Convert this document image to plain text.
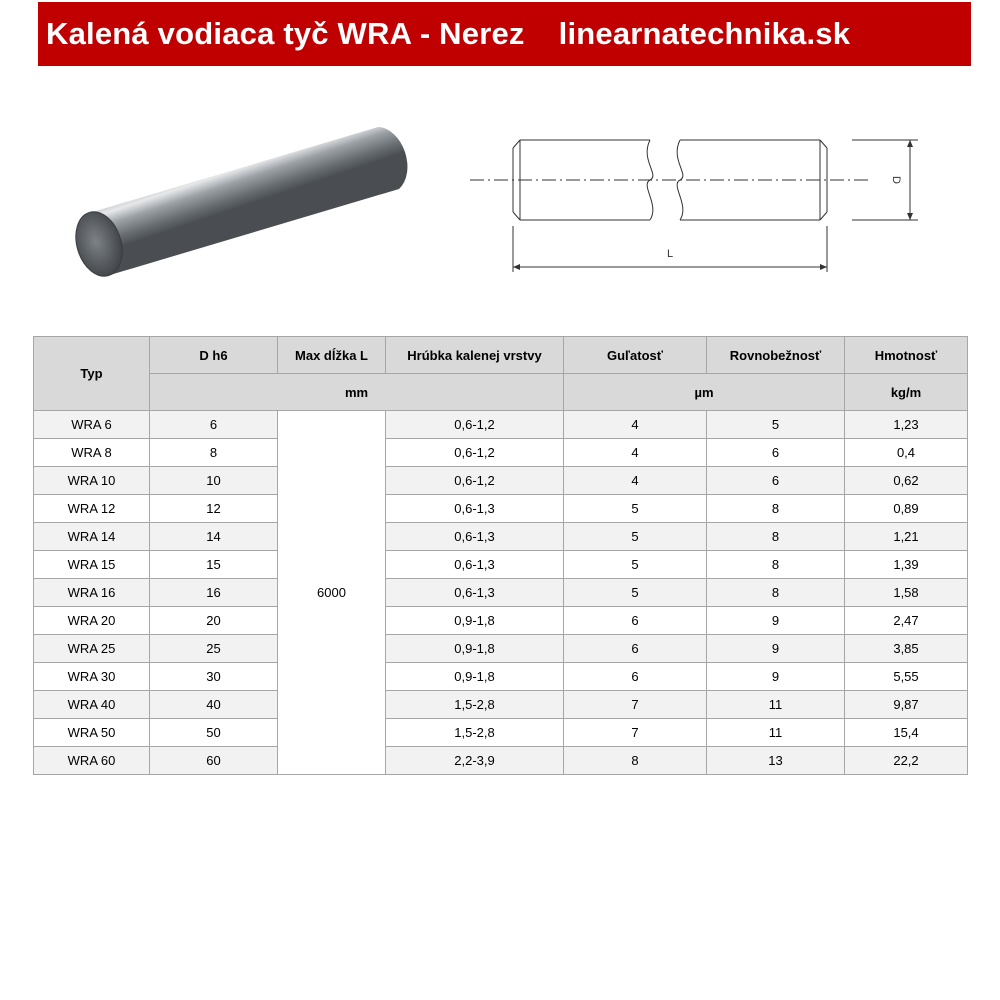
Kalená vodiaca tyč WRA - Nerez linearnatechnika.sk
D
L
Typ	D h6	Max dĺžka L	Hrúbka kalenej vrstvy	Guľatosť	Rovnobežnosť	Hmotnosť
	mm			µm		kg/m
WRA 6	6	6000	0,6-1,2	4	5	1,23
WRA 8	8		0,6-1,2	4	6	0,4
WRA 10	10		0,6-1,2	4	6	0,62
WRA 12	12		0,6-1,3	5	8	0,89
WRA 14	14		0,6-1,3	5	8	1,21
WRA 15	15		0,6-1,3	5	8	1,39
WRA 16	16		0,6-1,3	5	8	1,58
WRA 20	20		0,9-1,8	6	9	2,47
WRA 25	25		0,9-1,8	6	9	3,85
WRA 30	30		0,9-1,8	6	9	5,55
WRA 40	40		1,5-2,8	7	11	9,87
WRA 50	50		1,5-2,8	7	11	15,4
WRA 60	60		2,2-3,9	8	13	22,2
